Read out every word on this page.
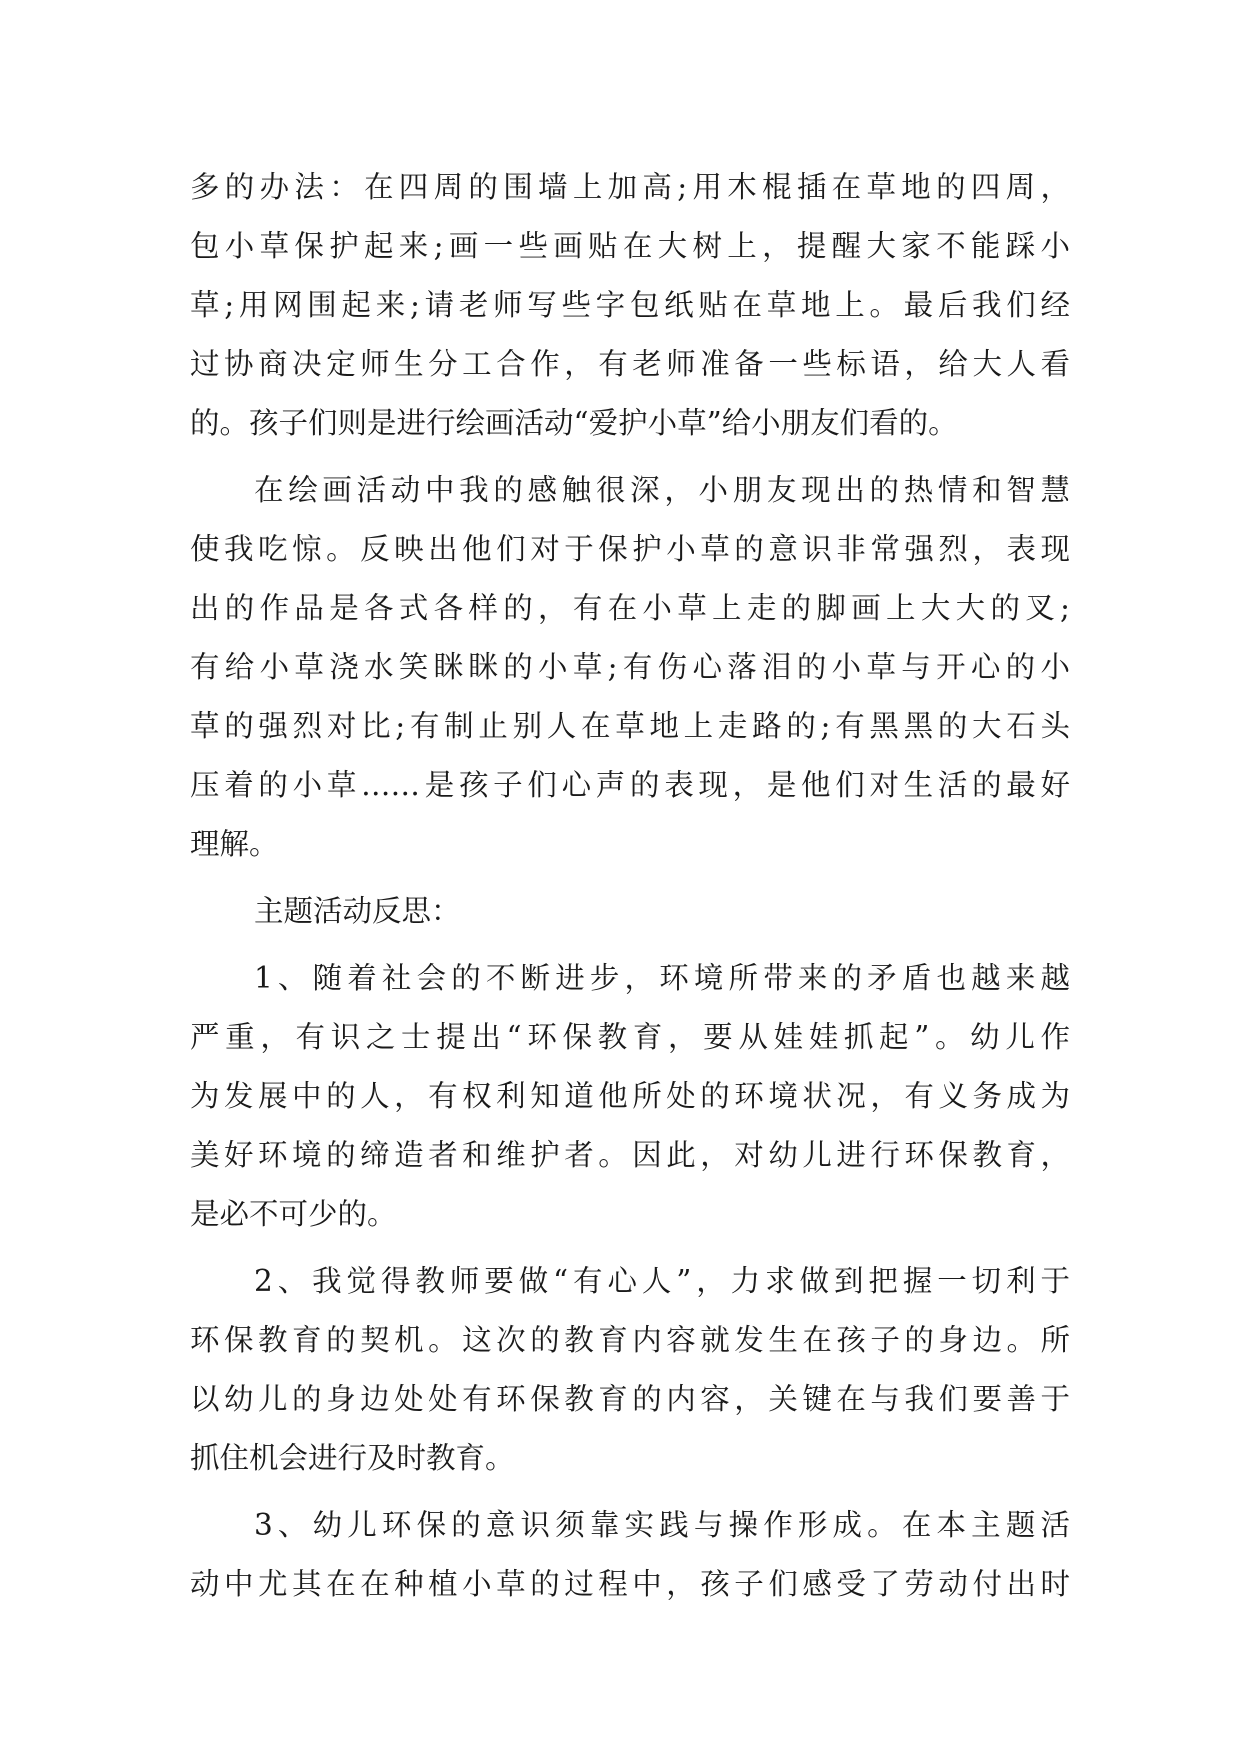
多的办法：在四周的围墙上加高;用木棍插在草地的四周，
包小草保护起来;画一些画贴在大树上，提醒大家不能踩小
草;用网围起来;请老师写些字包纸贴在草地上。最后我们经
过协商决定师生分工合作，有老师准备一些标语，给大人看
的。孩子们则是进行绘画活动“爱护小草”给小朋友们看的。
在绘画活动中我的感触很深，小朋友现出的热情和智慧
使我吃惊。反映出他们对于保护小草的意识非常强烈，表现
出的作品是各式各样的，有在小草上走的脚画上大大的叉;
有给小草浇水笑眯眯的小草;有伤心落泪的小草与开心的小
草的强烈对比;有制止别人在草地上走路的;有黑黑的大石头
压着的小草……是孩子们心声的表现，是他们对生活的最好
理解。
主题活动反思：
1、随着社会的不断进步，环境所带来的矛盾也越来越
严重，有识之士提出“环保教育，要从娃娃抓起”。幼儿作
为发展中的人，有权利知道他所处的环境状况，有义务成为
美好环境的缔造者和维护者。因此，对幼儿进行环保教育，
是必不可少的。
2、我觉得教师要做“有心人”，力求做到把握一切利于
环保教育的契机。这次的教育内容就发生在孩子的身边。所
以幼儿的身边处处有环保教育的内容，关键在与我们要善于
抓住机会进行及时教育。
3、幼儿环保的意识须靠实践与操作形成。在本主题活
动中尤其在在种植小草的过程中，孩子们感受了劳动付出时
